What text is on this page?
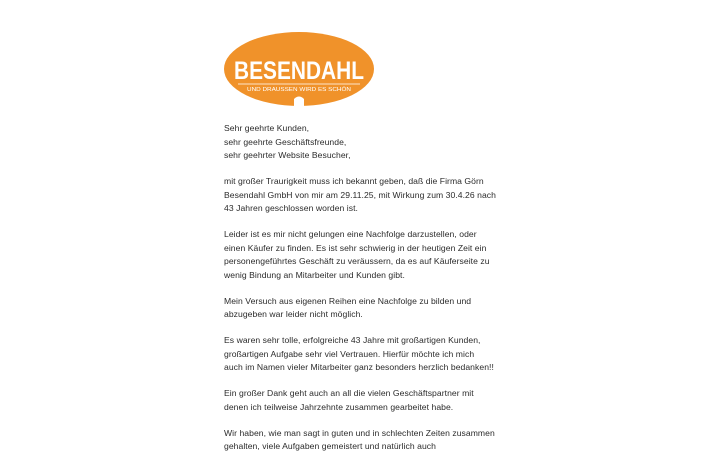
BESENDAHL
UND DRAUSSEN WIRD ES SCHÖN

Sehr geehrte Kunden,
sehr geehrte Geschäftsfreunde,
sehr geehrter Website Besucher,

mit großer Traurigkeit muss ich bekannt geben, daß die Firma Görn
Besendahl GmbH von mir am 29.11.25, mit Wirkung zum 30.4.26 nach
43 Jahren geschlossen worden ist.

Leider ist es mir nicht gelungen eine Nachfolge darzustellen, oder
einen Käufer zu finden. Es ist sehr schwierig in der heutigen Zeit ein
personengeführtes Geschäft zu veräussern, da es auf Käuferseite zu
wenig Bindung an Mitarbeiter und Kunden gibt.

Mein Versuch aus eigenen Reihen eine Nachfolge zu bilden und
abzugeben war leider nicht möglich.

Es waren sehr tolle, erfolgreiche 43 Jahre mit großartigen Kunden,
großartigen Aufgabe sehr viel Vertrauen. Hierfür möchte ich mich
auch im Namen vieler Mitarbeiter ganz besonders herzlich bedanken!!

Ein großer Dank geht auch an all die vielen Geschäftspartner mit
denen ich teilweise Jahrzehnte zusammen gearbeitet habe.

Wir haben, wie man sagt in guten und in schlechten Zeiten zusammen
gehalten, viele Aufgaben gemeistert und natürlich auch
